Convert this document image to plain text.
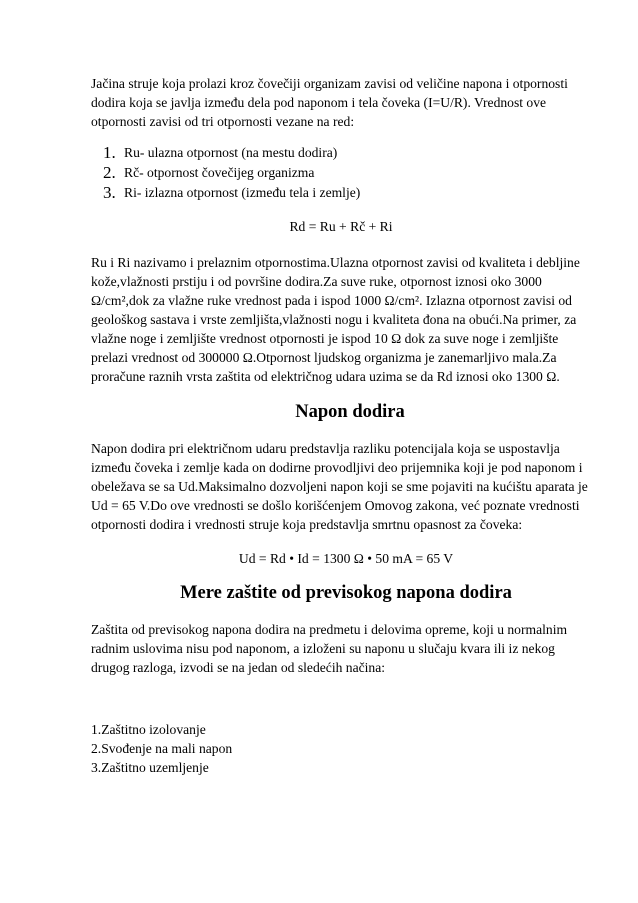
Jačina struje koja prolazi kroz čovečiji organizam zavisi od veličine napona i otpornosti dodira koja se javlja između dela pod naponom i tela čoveka (I=U/R). Vrednost ove otpornosti zavisi od tri otpornosti vezane na red:

1. Ru- ulazna otpornost (na mestu dodira)
2. Rč- otpornost čovečijeg organizma
3. Ri- izlazna otpornost (između tela i zemlje)

Rd = Ru + Rč + Ri

Ru i Ri nazivamo i prelaznim otpornostima.Ulazna otpornost zavisi od kvaliteta i debljine kože,vlažnosti prstiju i od površine dodira.Za suve ruke, otpornost iznosi oko 3000 Ω/cm²,dok za vlažne ruke vrednost pada i ispod 1000 Ω/cm². Izlazna otpornost zavisi od geološkog sastava i vrste zemljišta,vlažnosti nogu i kvaliteta đona na obući.Na primer, za vlažne noge i zemljište vrednost otpornosti je ispod 10 Ω dok za suve noge i zemljište prelazi vrednost od 300000 Ω.Otpornost ljudskog organizma je zanemarljivo mala.Za proračune raznih vrsta zaštita od električnog udara uzima se da Rd iznosi oko 1300 Ω.

Napon dodira

Napon dodira pri električnom udaru predstavlja razliku potencijala koja se uspostavlja između čoveka i zemlje kada on dodirne provodljivi deo prijemnika koji je pod naponom i obeležava se sa Ud.Maksimalno dozvoljeni napon koji se sme pojaviti na kućištu aparata je Ud = 65 V.Do ove vrednosti se došlo korišćenjem Omovog zakona, već poznate vrednosti otpornosti dodira i vrednosti struje koja predstavlja smrtnu opasnost za čoveka:

Ud = Rd • Id = 1300 Ω • 50 mA = 65 V

Mere zaštite od previsokog napona dodira

Zaštita od previsokog napona dodira na predmetu i delovima opreme, koji u normalnim radnim uslovima nisu pod naponom, a izloženi su naponu u slučaju kvara ili iz nekog drugog razloga, izvodi se na jedan od sledećih načina:

1.Zaštitno izolovanje
2.Svođenje na mali napon
3.Zaštitno uzemljenje
